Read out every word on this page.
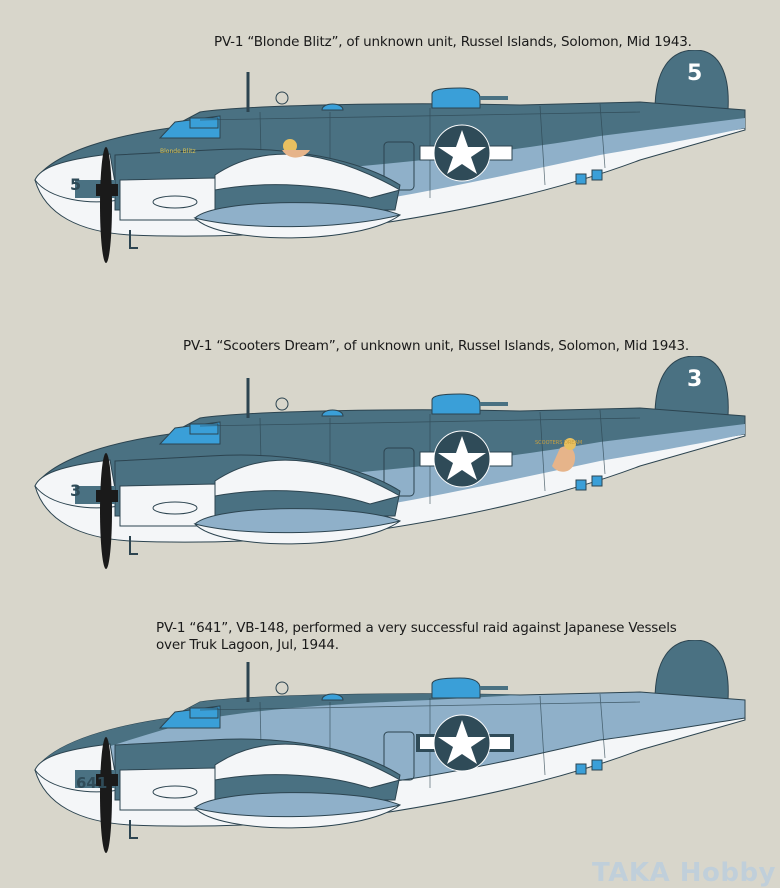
PV-1 “Blonde Blitz”, of unknown unit, Russel Islands, Solomon, Mid 1943.
Blonde Blitz
5
5
PV-1 “Scooters Dream”, of unknown unit, Russel Islands, Solomon, Mid 1943.
SCOOTERS DREAM
3
3
PV-1 “641”, VB-148, performed a very successful raid against Japanese Vessels
over Truk Lagoon, Jul, 1944.
641
TAKA Hobby
